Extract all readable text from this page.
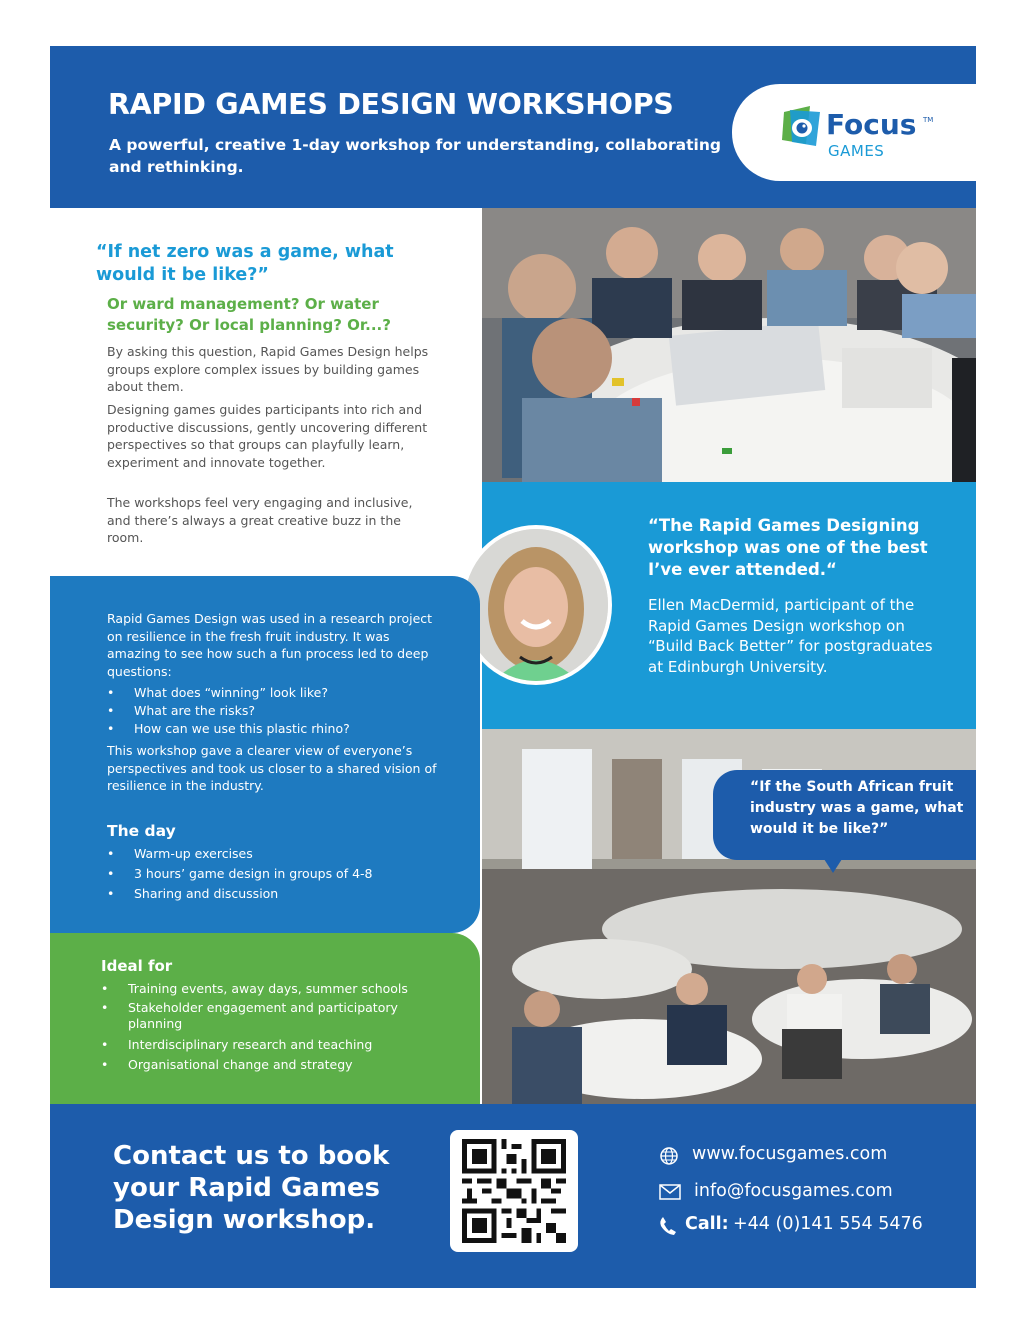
RAPID GAMES DESIGN WORKSHOPS
A powerful, creative 1-day workshop for understanding, collaborating and rethinking.
Focus TM
GAMES
“If net zero was a game, what would it be like?”
Or ward management? Or water security? Or local planning? Or...?
By asking this question, Rapid Games Design helps groups explore complex issues by building games about them.
Designing games guides participants into rich and productive discussions, gently uncovering different perspectives so that groups can playfully learn, experiment and innovate together.
The workshops feel very engaging and inclusive, and there’s always a great creative buzz in the room.
“The Rapid Games Designing workshop was one of the best I’ve ever attended.“
Ellen MacDermid, participant of the Rapid Games Design workshop on “Build Back Better” for postgraduates at Edinburgh University.
Rapid Games Design was used in a research project on resilience in the fresh fruit industry. It was amazing to see how such a fun process led to deep questions:
• What does “winning” look like?
• What are the risks?
• How can we use this plastic rhino?
This workshop gave a clearer view of everyone’s perspectives and took us closer to a shared vision of resilience in the industry.
The day
• Warm-up exercises
• 3 hours’ game design in groups of 4-8
• Sharing and discussion
Ideal for
• Training events, away days, summer schools
• Stakeholder engagement and participatory planning
• Interdisciplinary research and teaching
• Organisational change and strategy
“If the South African fruit industry was a game, what would it be like?”
Contact us to book your Rapid Games Design workshop.
www.focusgames.com
info@focusgames.com
Call: +44 (0)141 554 5476
